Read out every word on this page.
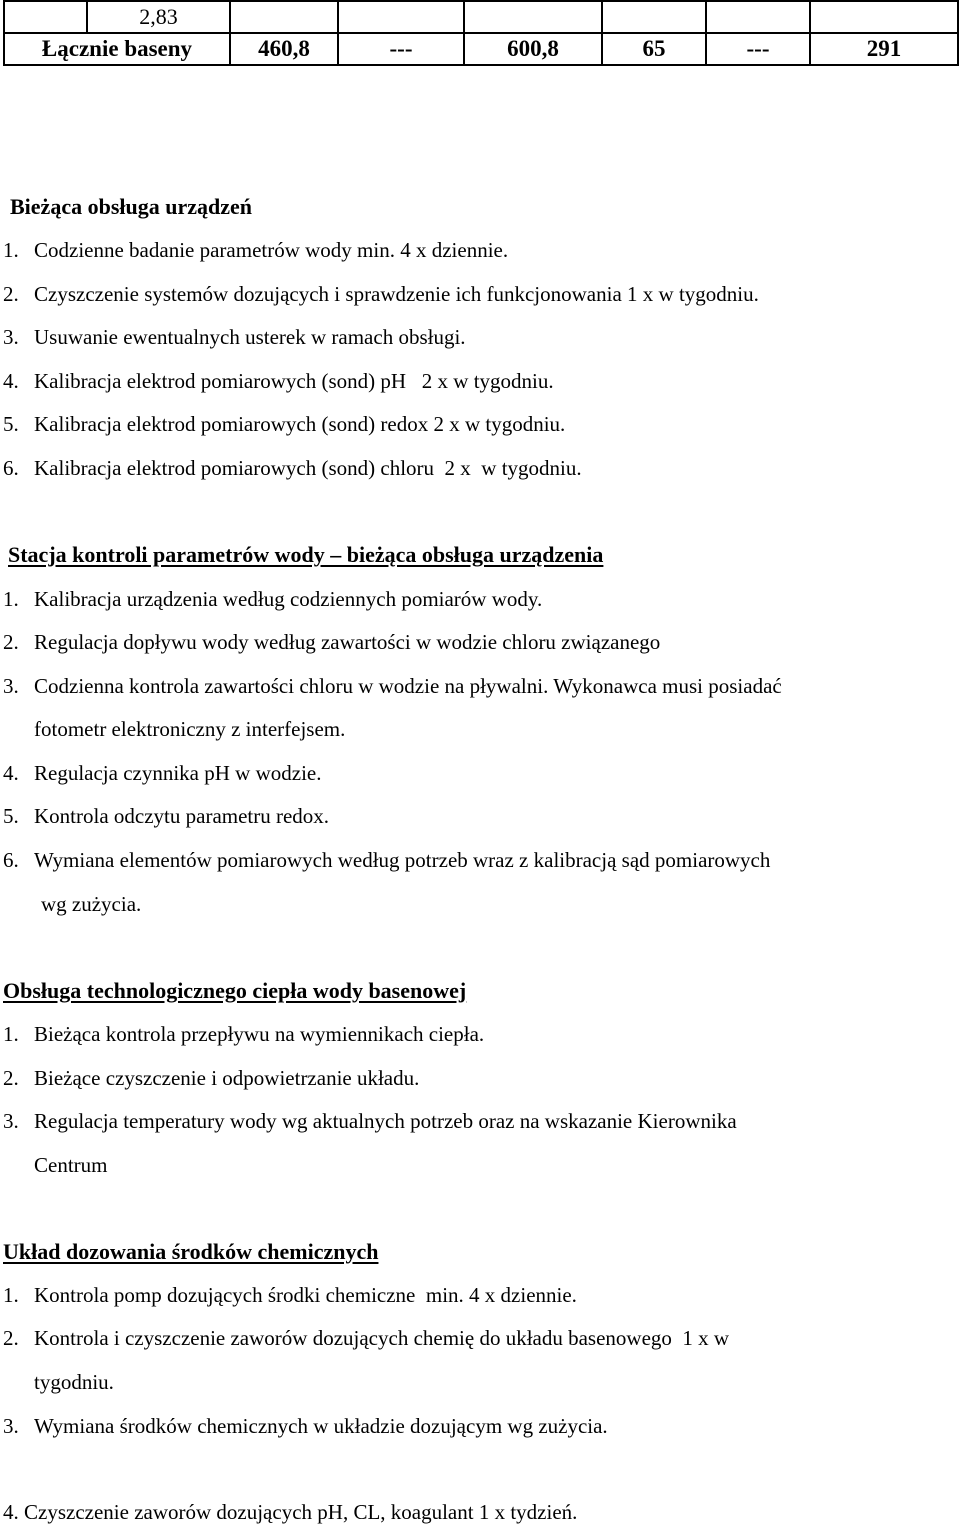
	2,83						
Łącznie baseny		460,8	---	600,8	65	---	291
Bieżąca obsługa urządzeń
1. Codzienne badanie parametrów wody min. 4 x dziennie.
2. Czyszczenie systemów dozujących i sprawdzenie ich funkcjonowania 1 x w tygodniu.
3. Usuwanie ewentualnych usterek w ramach obsługi.
4. Kalibracja elektrod pomiarowych (sond) pH   2 x w tygodniu.
5. Kalibracja elektrod pomiarowych (sond) redox 2 x w tygodniu.
6. Kalibracja elektrod pomiarowych (sond) chloru  2 x  w tygodniu.
Stacja kontroli parametrów wody – bieżąca obsługa urządzenia
1. Kalibracja urządzenia według codziennych pomiarów wody.
2. Regulacja dopływu wody według zawartości w wodzie chloru związanego
3. Codzienna kontrola zawartości chloru w wodzie na pływalni. Wykonawca musi posiadać
fotometr elektroniczny z interfejsem.
4. Regulacja czynnika pH w wodzie.
5. Kontrola odczytu parametru redox.
6. Wymiana elementów pomiarowych według potrzeb wraz z kalibracją sąd pomiarowych
wg zużycia.
Obsługa technologicznego ciepła wody basenowej
1. Bieżąca kontrola przepływu na wymiennikach ciepła.
2. Bieżące czyszczenie i odpowietrzanie układu.
3. Regulacja temperatury wody wg aktualnych potrzeb oraz na wskazanie Kierownika
Centrum
Układ dozowania środków chemicznych
1. Kontrola pomp dozujących środki chemiczne  min. 4 x dziennie.
2. Kontrola i czyszczenie zaworów dozujących chemię do układu basenowego  1 x w
tygodniu.
3. Wymiana środków chemicznych w układzie dozującym wg zużycia.
4. Czyszczenie zaworów dozujących pH, CL, koagulant 1 x tydzień.
